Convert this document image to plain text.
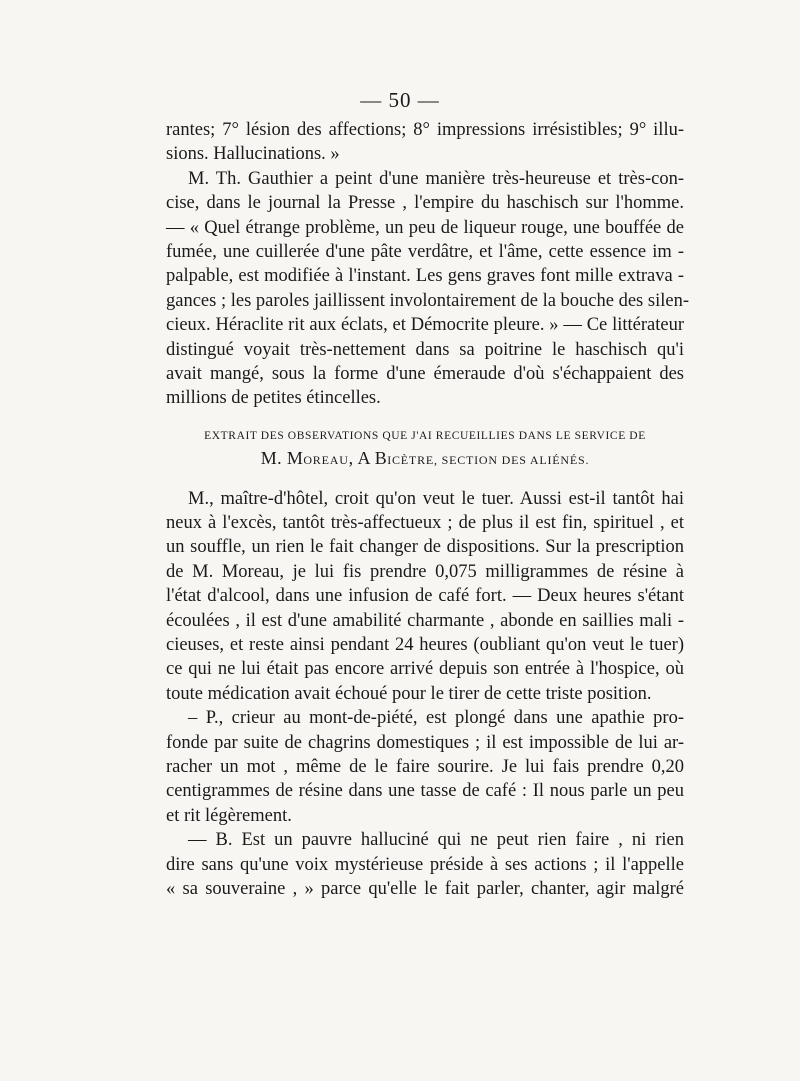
— 50 —
rantes; 7° lésion des affections; 8° impressions irrésistibles; 9° illu-
sions. Hallucinations. »
M. Th. Gauthier a peint d'une manière très-heureuse et très-con-
cise, dans le journal la Presse , l'empire du haschisch sur l'homme.
— « Quel étrange problème, un peu de liqueur rouge, une bouffée de
fumée, une cuillerée d'une pâte verdâtre, et l'âme, cette essence im -
palpable, est modifiée à l'instant. Les gens graves font mille extrava -
gances ; les paroles jaillissent involontairement de la bouche des silen-
cieux. Héraclite rit aux éclats, et Démocrite pleure. » — Ce littérateur
distingué voyait très-nettement dans sa poitrine le haschisch qu'i
avait mangé, sous la forme d'une émeraude d'où s'échappaient des
millions de petites étincelles.
EXTRAIT DES OBSERVATIONS QUE J'AI RECUEILLIES DANS LE SERVICE DE
M. MOREAU, A BICÈTRE, SECTION DES ALIÉNÉS.
M., maître-d'hôtel, croit qu'on veut le tuer. Aussi est-il tantôt hai
neux à l'excès, tantôt très-affectueux ; de plus il est fin, spirituel , et
un souffle, un rien le fait changer de dispositions. Sur la prescription
de M. Moreau, je lui fis prendre 0,075 milligrammes de résine à
l'état d'alcool, dans une infusion de café fort. — Deux heures s'étant
écoulées , il est d'une amabilité charmante , abonde en saillies mali -
cieuses, et reste ainsi pendant 24 heures (oubliant qu'on veut le tuer)
ce qui ne lui était pas encore arrivé depuis son entrée à l'hospice, où
toute médication avait échoué pour le tirer de cette triste position.
– P., crieur au mont-de-piété, est plongé dans une apathie pro-
fonde par suite de chagrins domestiques ; il est impossible de lui ar-
racher un mot , même de le faire sourire. Je lui fais prendre 0,20
centigrammes de résine dans une tasse de café : Il nous parle un peu
et rit légèrement.
— B. Est un pauvre halluciné qui ne peut rien faire , ni rien
dire sans qu'une voix mystérieuse préside à ses actions ; il l'appelle
« sa souveraine , » parce qu'elle le fait parler, chanter, agir malgré
